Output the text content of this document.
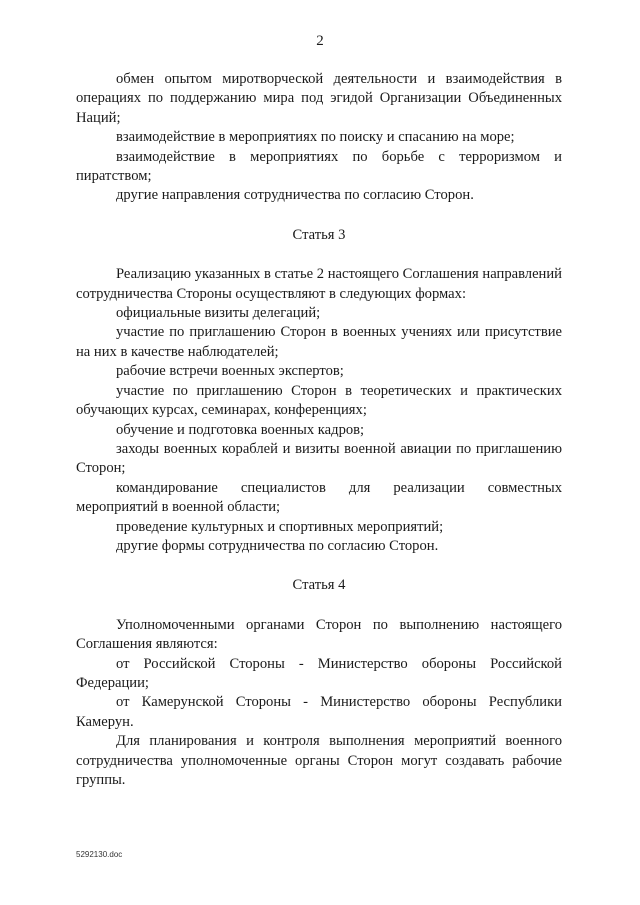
2

обмен опытом миротворческой деятельности и взаимодействия в операциях по поддержанию мира под эгидой Организации Объединенных Наций;

взаимодействие в мероприятиях по поиску и спасанию на море;

взаимодействие в мероприятиях по борьбе с терроризмом и пиратством;

другие направления сотрудничества по согласию Сторон.

Статья 3

Реализацию указанных в статье 2 настоящего Соглашения направлений сотрудничества Стороны осуществляют в следующих формах:

официальные визиты делегаций;

участие по приглашению Сторон в военных учениях или присутствие на них в качестве наблюдателей;

рабочие встречи военных экспертов;

участие по приглашению Сторон в теоретических и практических обучающих курсах, семинарах, конференциях;

обучение и подготовка военных кадров;

заходы военных кораблей и визиты военной авиации по приглашению Сторон;

командирование специалистов для реализации совместных мероприятий в военной области;

проведение культурных и спортивных мероприятий;

другие формы сотрудничества по согласию Сторон.

Статья 4

Уполномоченными органами Сторон по выполнению настоящего Соглашения являются:

от Российской Стороны - Министерство обороны Российской Федерации;

от Камерунской Стороны - Министерство обороны Республики Камерун.

Для планирования и контроля выполнения мероприятий военного сотрудничества уполномоченные органы Сторон могут создавать рабочие группы.

5292130.doc
